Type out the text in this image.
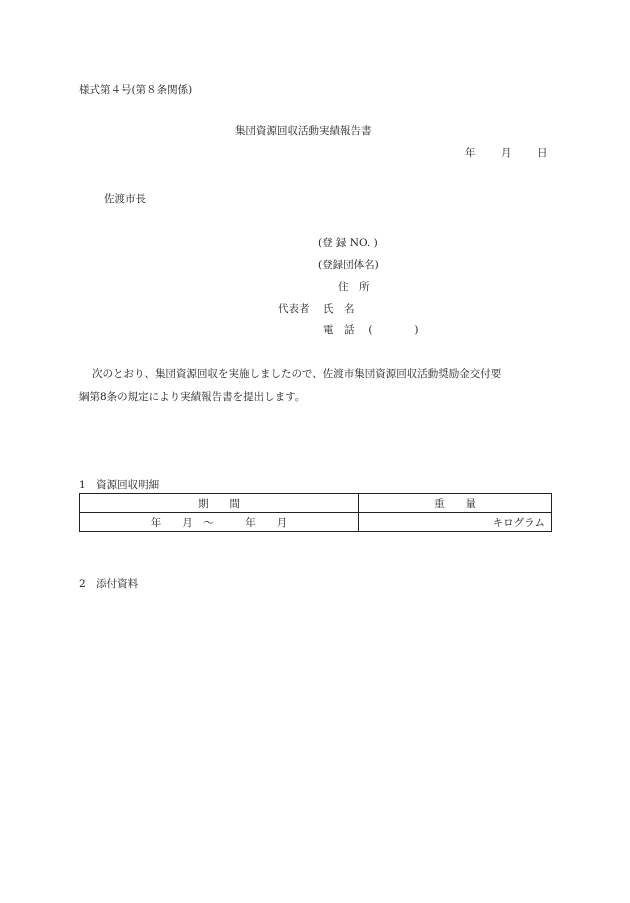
様式第４号(第８条関係)
集団資源回収活動実績報告書
年 月 日
佐渡市長
(登 録 NO. )
(登録団体名)
住　所
代表者 氏　名
電　話 　(　　　　)
次のとおり、集団資源回収を実施しましたので、佐渡市集団資源回収活動奨励金交付要
綱第8条の規定により実績報告書を提出します。
1　資源回収明細
期　　間	重　　量
年　　月　～　　　年　　月	キログラム
2　添付資料
